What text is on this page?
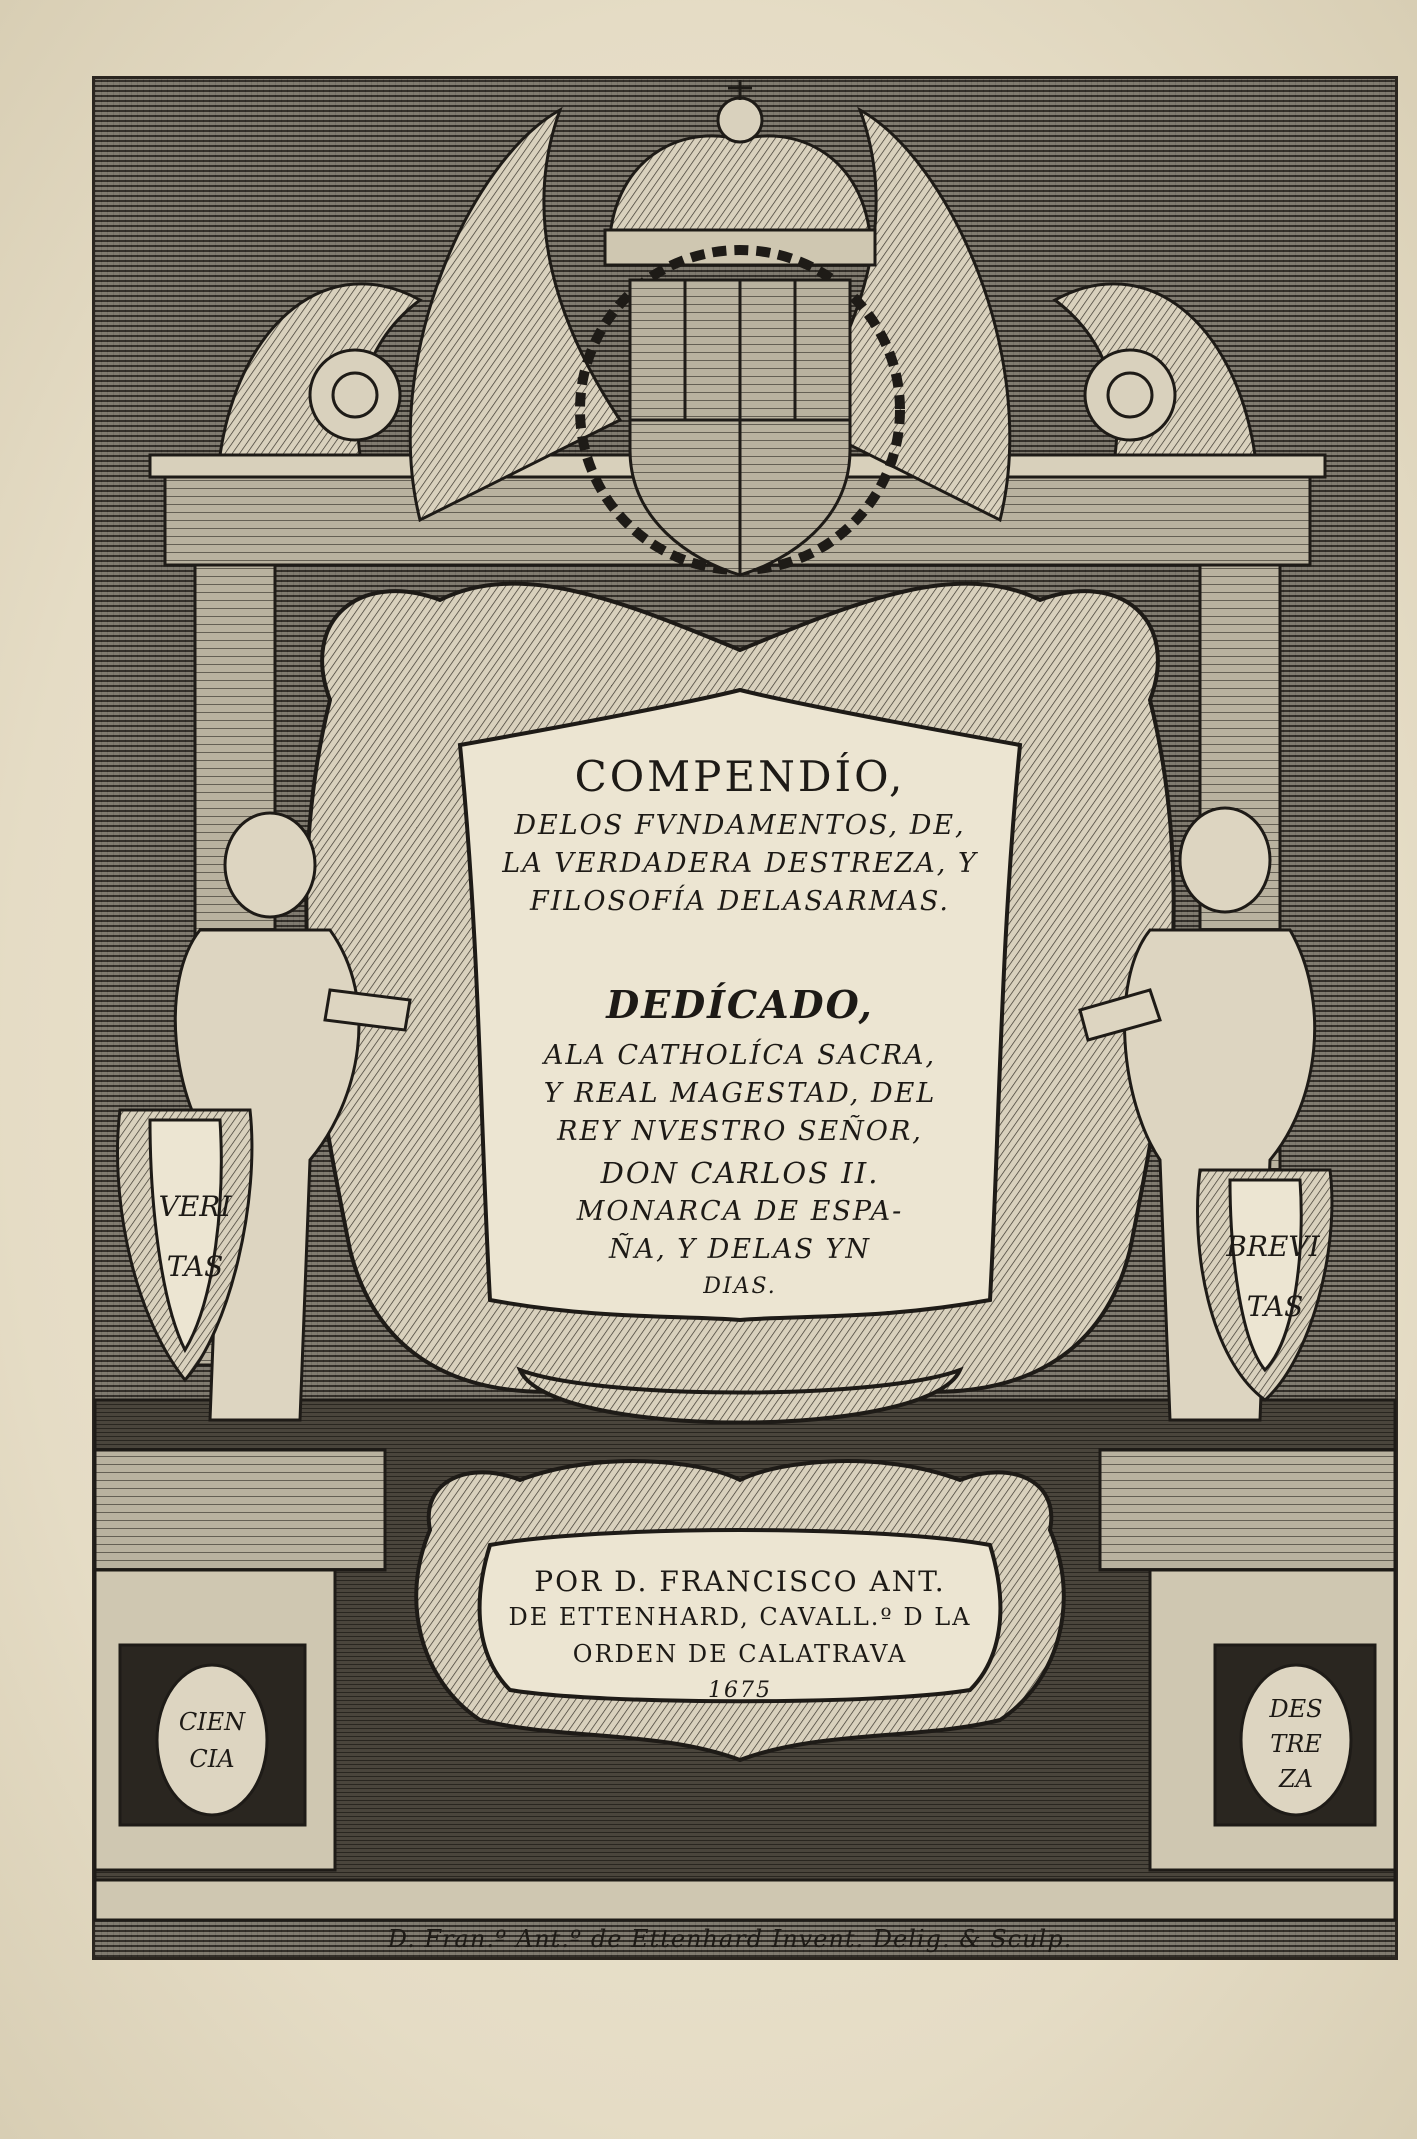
COMPENDÍO,
DELOS FVNDAMENTOS, DE,
LA VERDADERA DESTREZA, Y
FILOSOFÍA DELASARMAS.
DEDÍCADO,
ALA CATHOLÍCA SACRA,
Y REAL MAGESTAD, DEL
REY NVESTRO SEÑOR,
DON CARLOS II.
MONARCA DE ESPA-
ÑA, Y DELAS YN
DIAS.
VERI
TAS
BREVI
TAS
POR D. FRANCISCO ANT.
DE ETTENHARD, CAVALL.º D LA
ORDEN DE CALATRAVA
1675
CIEN
CIA
DES
TRE
ZA
D. Fran.º Ant.º de Ettenhard Invent. Delig. & Sculp.
